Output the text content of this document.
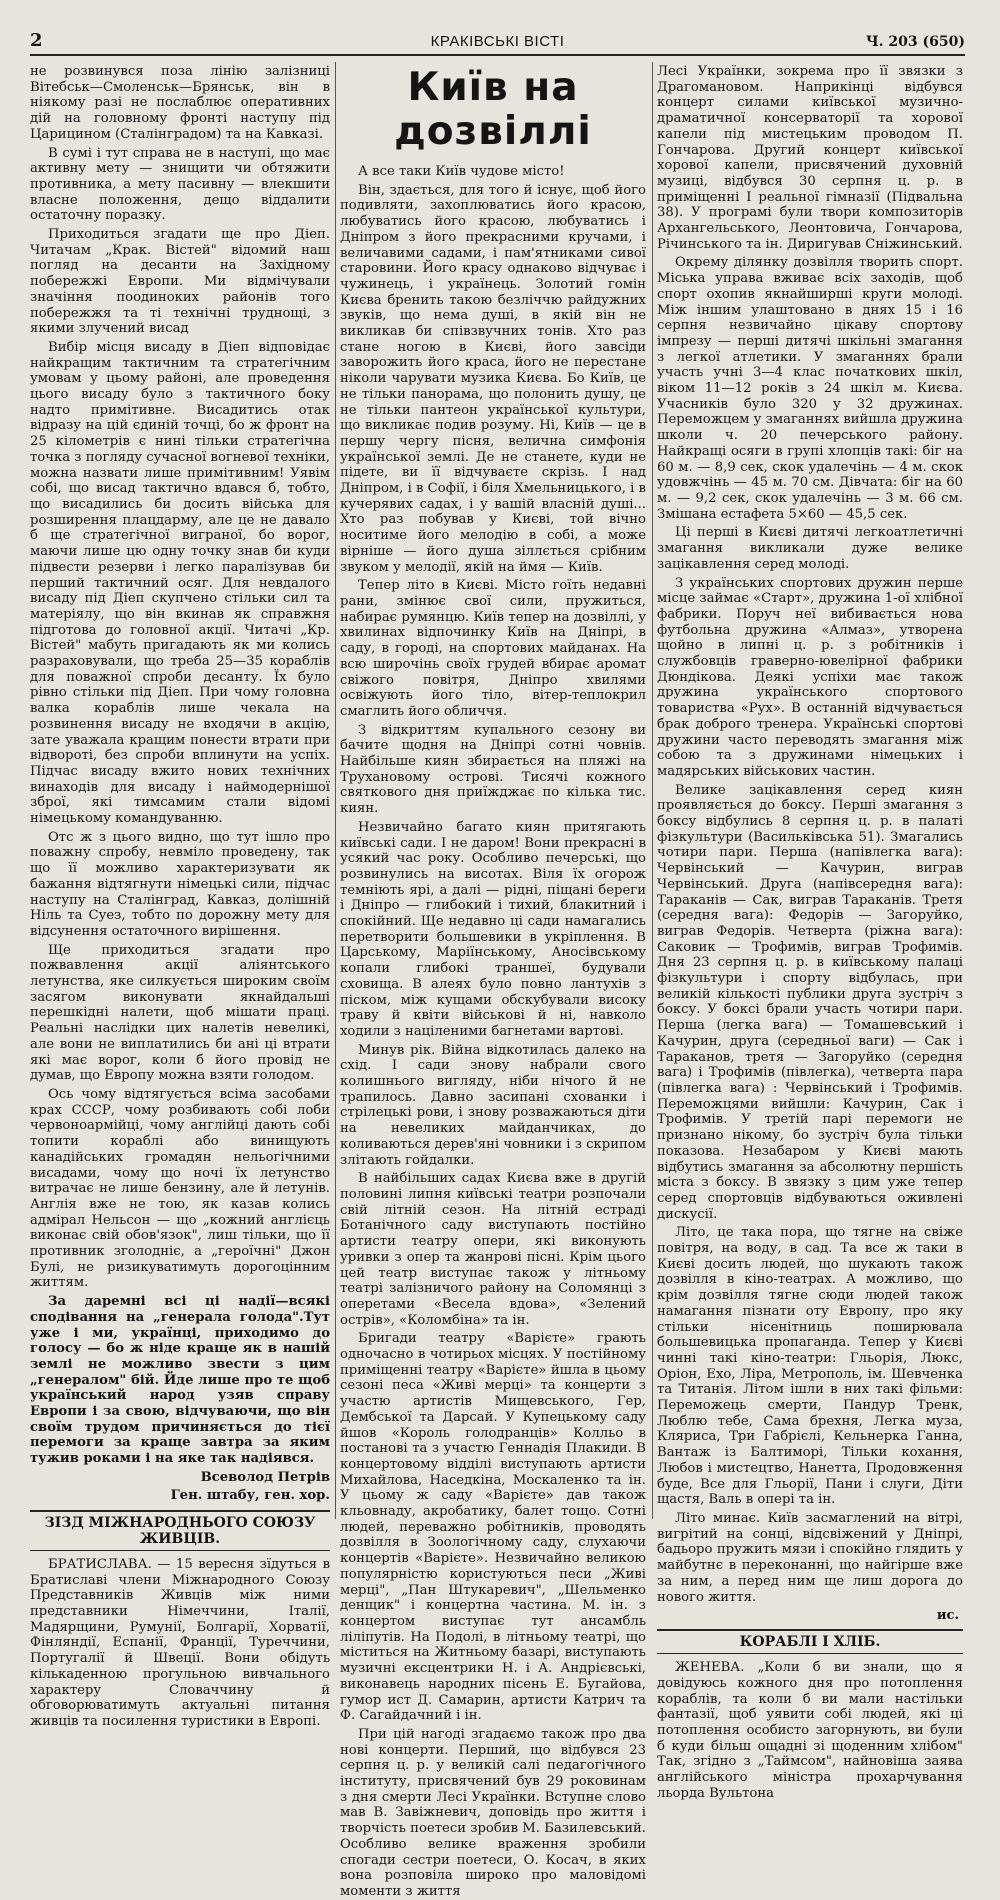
2	КРАКІВСЬКІ ВІСТІ	Ч. 203 (650)

не розвинувся поза лінію залізниці Вітебськ—Смоленськ—Брянськ, він в ніякому разі не послаблює оперативних дій на головному фронті наступу під Царицином (Сталінградом) та на Кавказі.

В сумі і тут справа не в наступі, що має активну мету — знищити чи обтяжити противника, а мету пасивну — влекшити власне положення, дещо віддалити остаточну поразку.

Приходиться згадати ще про Діеп. Читачам „Крак. Вістей" відомий наш погляд на десанти на Західному побережжі Европи. Ми відмічували значіння поодиноких районів того побережжя та ті технічні труднощі, з якими злучений висад

Вибір місця висаду в Діеп відповідає найкращим тактичним та стратегічним умовам у цьому районі, але проведення цього висаду було з тактичного боку надто примітивне. Висадитись отак відразу на цій єдиній точці, бо ж фронт на 25 кілометрів є нині тільки стратегічна точка з погляду сучасної вогневої техніки, можна назвати лише примітивним! Уявім собі, що висад тактично вдався б, тобто, що висадились би досить війська для розширення плацдарму, але це не давало б ще стратегічної виграної, бо ворог, маючи лише цю одну точку знав би куди підвести резерви і легко паралізував би перший тактичний осяг. Для невдалого висаду під Діеп скупчено стільки сил та матеріялу, що він вкинав як справжня підготова до головної акції. Читачі „Кр. Вістей" мабуть пригадають як ми колись разраховували, що треба 25—35 кораблів для поважної спроби десанту. Їх було рівно стільки під Діеп. При чому головна валка кораблів лише чекала на розвинення висаду не входячи в акцію, зате уважала кращим понести втрати при відвороті, без спроби вплинути на успіх. Підчас висаду вжито нових технічних винаходів для висаду і наймодернішої зброї, які тимсамим стали відомі німецькому командуванню.

Отс ж з цього видно, що тут ішло про поважну спробу, невміло проведену, так що її можливо характеризувати як бажання відтягнути німецькі сили, підчас наступу на Сталінград, Кавказ, долішній Ніль та Суез, тобто по дорожну мету для відсунення остаточного вирішення.

Ще приходиться згадати про пожвавлення акції аліянтського летунства, яке силкується широким своїм засягом виконувати якнайдальші перешкідні налети, щоб мішати праці. Реальні наслідки цих налетів невеликі, але вони не виплатились би ані ці втрати які має ворог, коли б його провід не думав, що Европу можна взяти голодом.

Ось чому відтягується всіма засобами крах СССР, чому розбивають собі лоби червоноармійці, чому англійці дають собі топити кораблі або винищують канадійських громадян нельогічними висадами, чому що ночі їх летунство витрачає не лише бензину, але й летунів. Англія вже не тою, як казав колись адмірал Нельсон — що „кожний англієць виконає свій обов'язок", лиш тільки, що її противник зголодніє, а „героїчні" Джон Булі, не ризикуватимуть дорогоцінним життям.

За даремні всі ці надії—всякі сподівання на „генерала голода".Тут уже і ми, українці, приходимо до голосу — бо ж ніде краще як в нашій землі не можливо звести з цим „генералом" бій. Йде лише про те щоб український народ узяв справу Европи і за свою, відчуваючи, що він своїм трудом причиняється до тієї перемоги за краще завтра за яким тужив роками і на яке так надіявся.

Всеволод Петрів
Ген. штабу, ген. хор.
ЗІЗД МІЖНАРОДНЬОГО СОЮЗУ ЖИВЦІВ.

БРАТИСЛАВА. — 15 вересня зїдуться в Братиславі члени Міжнародного Союзу Представників Живців між ними представники Німеччини, Італії, Мадярщини, Румунії, Болгарії, Хорватії, Фінляндії, Еспанії, Франції, Туреччини, Португалії й Швеції. Вони обідуть кількаденною прогульною вивчального характеру Словаччину й обговорюватимуть актуальні питання живців та посилення туристики в Европі.

Київ на дозвіллі

А все таки Київ чудове місто!

Він, здається, для того й існує, щоб його подивляти, захоплюватись його красою, любуватись його красою, любуватись і Дніпром з його прекрасними кручами, і величавими садами, і пам'ятниками сивої старовини. Його красу однаково відчуває і чужинець, і українець. Золотий гомін Києва бренить такою безліччю райдужних звуків, що нема душі, в якій він не викликав би співзвучних тонів. Хто раз стане ногою в Києві, його завсіди заворожить його краса, його не перестане ніколи чарувати музика Києва. Бо Київ, це не тільки панорама, що полонить душу, це не тільки пантеон української культури, що викликає подив розуму. Ні, Київ — це в першу чергу пісня, велична симфонія української землі. Де не станете, куди не підете, ви її відчуваєте скрізь. І над Дніпром, і в Софії, і біля Хмельницького, і в кучерявих садах, і у вашій власній душі... Хто раз побував у Києві, той вічно носитиме його мелодію в собі, а може вірніше — його душа зіллється срібним звуком у мелодії, якій на ймя — Київ.

Тепер літо в Києві. Місто гоїть недавні рани, змінює свої сили, пружиться, набирає румянцю. Київ тепер на дозвіллі, у хвилинах відпочинку Київ на Дніпрі, в саду, в городі, на спортових майданах. На всю широчінь своїх грудей вбирає аромат свіжого повітря, Дніпро хвилями освіжують його тіло, вітер-теплокрил смаглить його обличчя.

З відкриттям купального сезону ви бачите щодня на Дніпрі сотні човнів. Найбільше киян збирається на пляжі на Трухановому острові. Тисячі кожного святкового дня приїжджає по кілька тис. киян.

Незвичайно багато киян притягають київські сади. І не даром! Вони прекрасні в усякий час року. Особливо печерські, що розвинулись на висотах. Віля їх огорож темніють ярі, а далі — рідні, піщані береги і Дніпро — глибокий і тихий, блакитний і спокійний. Ще недавно ці сади намагались перетворити большевики в укріплення. В Царському, Маріїнському, Аносівському копали глибокі траншеї, будували сховища. В алеях було повно лантухів з піском, між кущами обскубували високу траву й квіти військові й ні, навколо ходили з націленими багнетами вартові.

Минув рік. Війна відкотилась далеко на схід. І сади знову набрали свого колишнього вигляду, ніби нічого й не трапилось. Давно засипані схованки і стрілецькі рови, і знову розважаються діти на невеликих майданчиках, до коливаються дерев'яні човники і з скрипом злітають гойдалки.

В найбільших садах Києва вже в другій половині липня київські театри розпочали свій літній сезон. На літній естраді Ботанічного саду виступають постійно артисти театру опери, які виконують уривки з опер та жанрові пісні. Крім цього цей театр виступає також у літньому театрі залізничого району на Соломянці з оперетами «Весела вдова», «Зелений острів», «Коломбіна» та ін.

Бригади театру «Варієте» грають одночасно в чотирьох місцях. У постійному приміщенні театру «Варієте» йшла в цьому сезоні песа «Живі мерці» та концерти з участю артистів Мищевського, Гер, Дембської та Дарсай. У Купецькому саду йшов «Король голодранців» Колльо в постанові та з участю Геннадія Плакиди. В концертовому відділі виступають артисти Михайлова, Наседкіна, Москаленко та ін. У цьому ж саду «Варієте» дав також кльовнаду, акробатику, балет тощо. Сотні людей, переважно робітників, проводять дозвілля в Зоологічному саду, слухаючи концертів «Варієте». Незвичайно великою популярністю користуються песи „Живі мерці", „Пан Штукаревич", „Шельменко денщик" і концертна частина. М. ін. з концертом виступає тут ансамбль ліліпутів. На Подолі, в літньому театрі, що міститься на Житньому базарі, виступають музичні ексцентрики Н. і А. Андрієвські, виконавець народних пісень Е. Бугайова, гумор ист Д. Самарин, артисти Катрич та Ф. Сагайдачний і ін.

При цій нагоді згадаємо також про два нові концерти. Перший, що відбувся 23 серпня ц. р. у великій салі педагогічного інституту, присвячений був 29 роковинам з дня смерти Лесі Українки. Вступне слово мав В. Завіжневич, доповідь про життя і творчість поетеси зробив М. Базилевський. Особливо велике враження зробили спогади сестри поетеси, О. Косач, в яких вона розповіла широко про маловідомі моменти з життя

Лесі Українки, зокрема про її звязки з Драгомановом. Наприкінці відбувся концерт силами київської музично-драматичної консерваторії та хорової капели під мистецьким проводом П. Гончарова. Другий концерт київської хорової капели, присвячений духовній музиці, відбувся 30 серпня ц. р. в приміщенні І реальної гімназії (Підвальна 38). У програмі були твори композиторів Архангельського, Леонтовича, Гончарова, Річинського та ін. Диригував Сніжинський.

Окрему ділянку дозвілля творить спорт. Міська управа вживає всіх заходів, щоб спорт охопив якнайширші круги молоді. Між іншим улаштовано в днях 15 і 16 серпня незвичайно цікаву спортову імпрезу — перші дитячі шкільні змагання з легкої атлетики. У змаганнях брали участь учні 3—4 клас початкових шкіл, віком 11—12 років з 24 шкіл м. Києва. Учасників було 320 у 32 дружинах. Переможцем у змаганнях вийшла дружина школи ч. 20 печерського району. Найкращі осяги в групі хлопців такі: біг на 60 м. — 8,9 сек, скок удалечінь — 4 м. скок удовжчінь — 45 м. 70 см. Дівчата: біг на 60 м. — 9,2 сек, скок удалечінь — 3 м. 66 см. Змішана естафета 5×60 — 45,5 сек.

Ці перші в Києві дитячі легкоатлетичні змагання викликали дуже велике зацікавлення серед молоді.

З українських спортових дружин перше місце займає «Старт», дружина 1-ої хлібної фабрики. Поруч неї вибивається нова футбольна дружина «Алмаз», утворена щойно в липні ц. р. з робітників і службовців граверно-ювелірної фабрики Дюндікова. Деякі успіхи має також дружина українського спортового товариства «Рух». В останній відчувається брак доброго тренера. Українські спортові дружини часто переводять змагання між собою та з дружинами німецьких і мадярських військових частин.

Велике зацікавлення серед киян проявляється до боксу. Перші змагання з боксу відбулись 8 серпня ц. р. в палаті фізкультури (Васильківська 51). Змагались чотири пари. Перша (напівлегка вага): Червінський — Качурин, виграв Червінський. Друга (напівсередня вага): Тараканів — Сак, виграв Тараканів. Третя (середня вага): Федорів — Загоруйко, виграв Федорів. Четверта (ріжна вага): Саковик — Трофимів, виграв Трофимів. Дня 23 серпня ц. р. в київському палаці фізкультури і спорту відбулась, при великій кількості публики друга зустріч з боксу. У боксі брали участь чотири пари. Перша (легка вага) — Томашевський і Качурин, друга (середньої ваги) — Сак і Тараканов, третя — Загоруйко (середня вага) і Трофимів (півлегка), четверта пара (півлегка вага) : Червінський і Трофимів. Переможцями вийшли: Качурин, Сак і Трофимів. У третій парі перемоги не признано нікому, бо зустріч була тільки показова. Незабаром у Києві мають відбутись змагання за абсолютну першість міста з боксу. В звязку з цим уже тепер серед спортовців відбуваються оживлені дискусії.

Літо, це така пора, що тягне на свіже повітря, на воду, в сад. Та все ж таки в Києві досить людей, що шукають також дозвілля в кіно-театрах. А можливо, що крім дозвілля тягне сюди людей також намагання пізнати оту Европу, про яку стільки нісенітниць поширювала большевицька пропаганда. Тепер у Києві чинні такі кіно-театри: Гльорія, Люкс, Оріон, Ехо, Ліра, Метрополь, ім. Шевченка та Титанія. Літом ішли в них такі фільми: Переможець смерти, Пандур Тренк, Люблю тебе, Сама брехня, Легка муза, Кляриса, Три Габрієлі, Кельнерка Ганна, Вантаж із Балтиморі, Тільки кохання, Любов і мистецтво, Нанетта, Продовження буде, Все для Гльорії, Пани і слуги, Діти щастя, Валь в опері та ін.

Літо минає. Київ засмаглений на вітрі, вигрітий на сонці, відсвіжений у Дніпрі, бадьоро пружить мязи і спокійно глядить у майбутнє в переконанні, що найгірше вже за ним, а перед ним ще лиш дорога до нового життя.

ис.
КОРАБЛІ І ХЛІБ.

ЖЕНЕВА. „Коли б ви знали, що я довідуюсь кожного дня про потоплення кораблів, та коли б ви мали настільки фантазії, щоб уявити собі людей, які ці потоплення особисто загорнують, ви були б куди більш ощадні зі щоденним хлібом" Так, згідно з „Таймсом", найновіша заява англійського міністра прохарчування льорда Вультона
